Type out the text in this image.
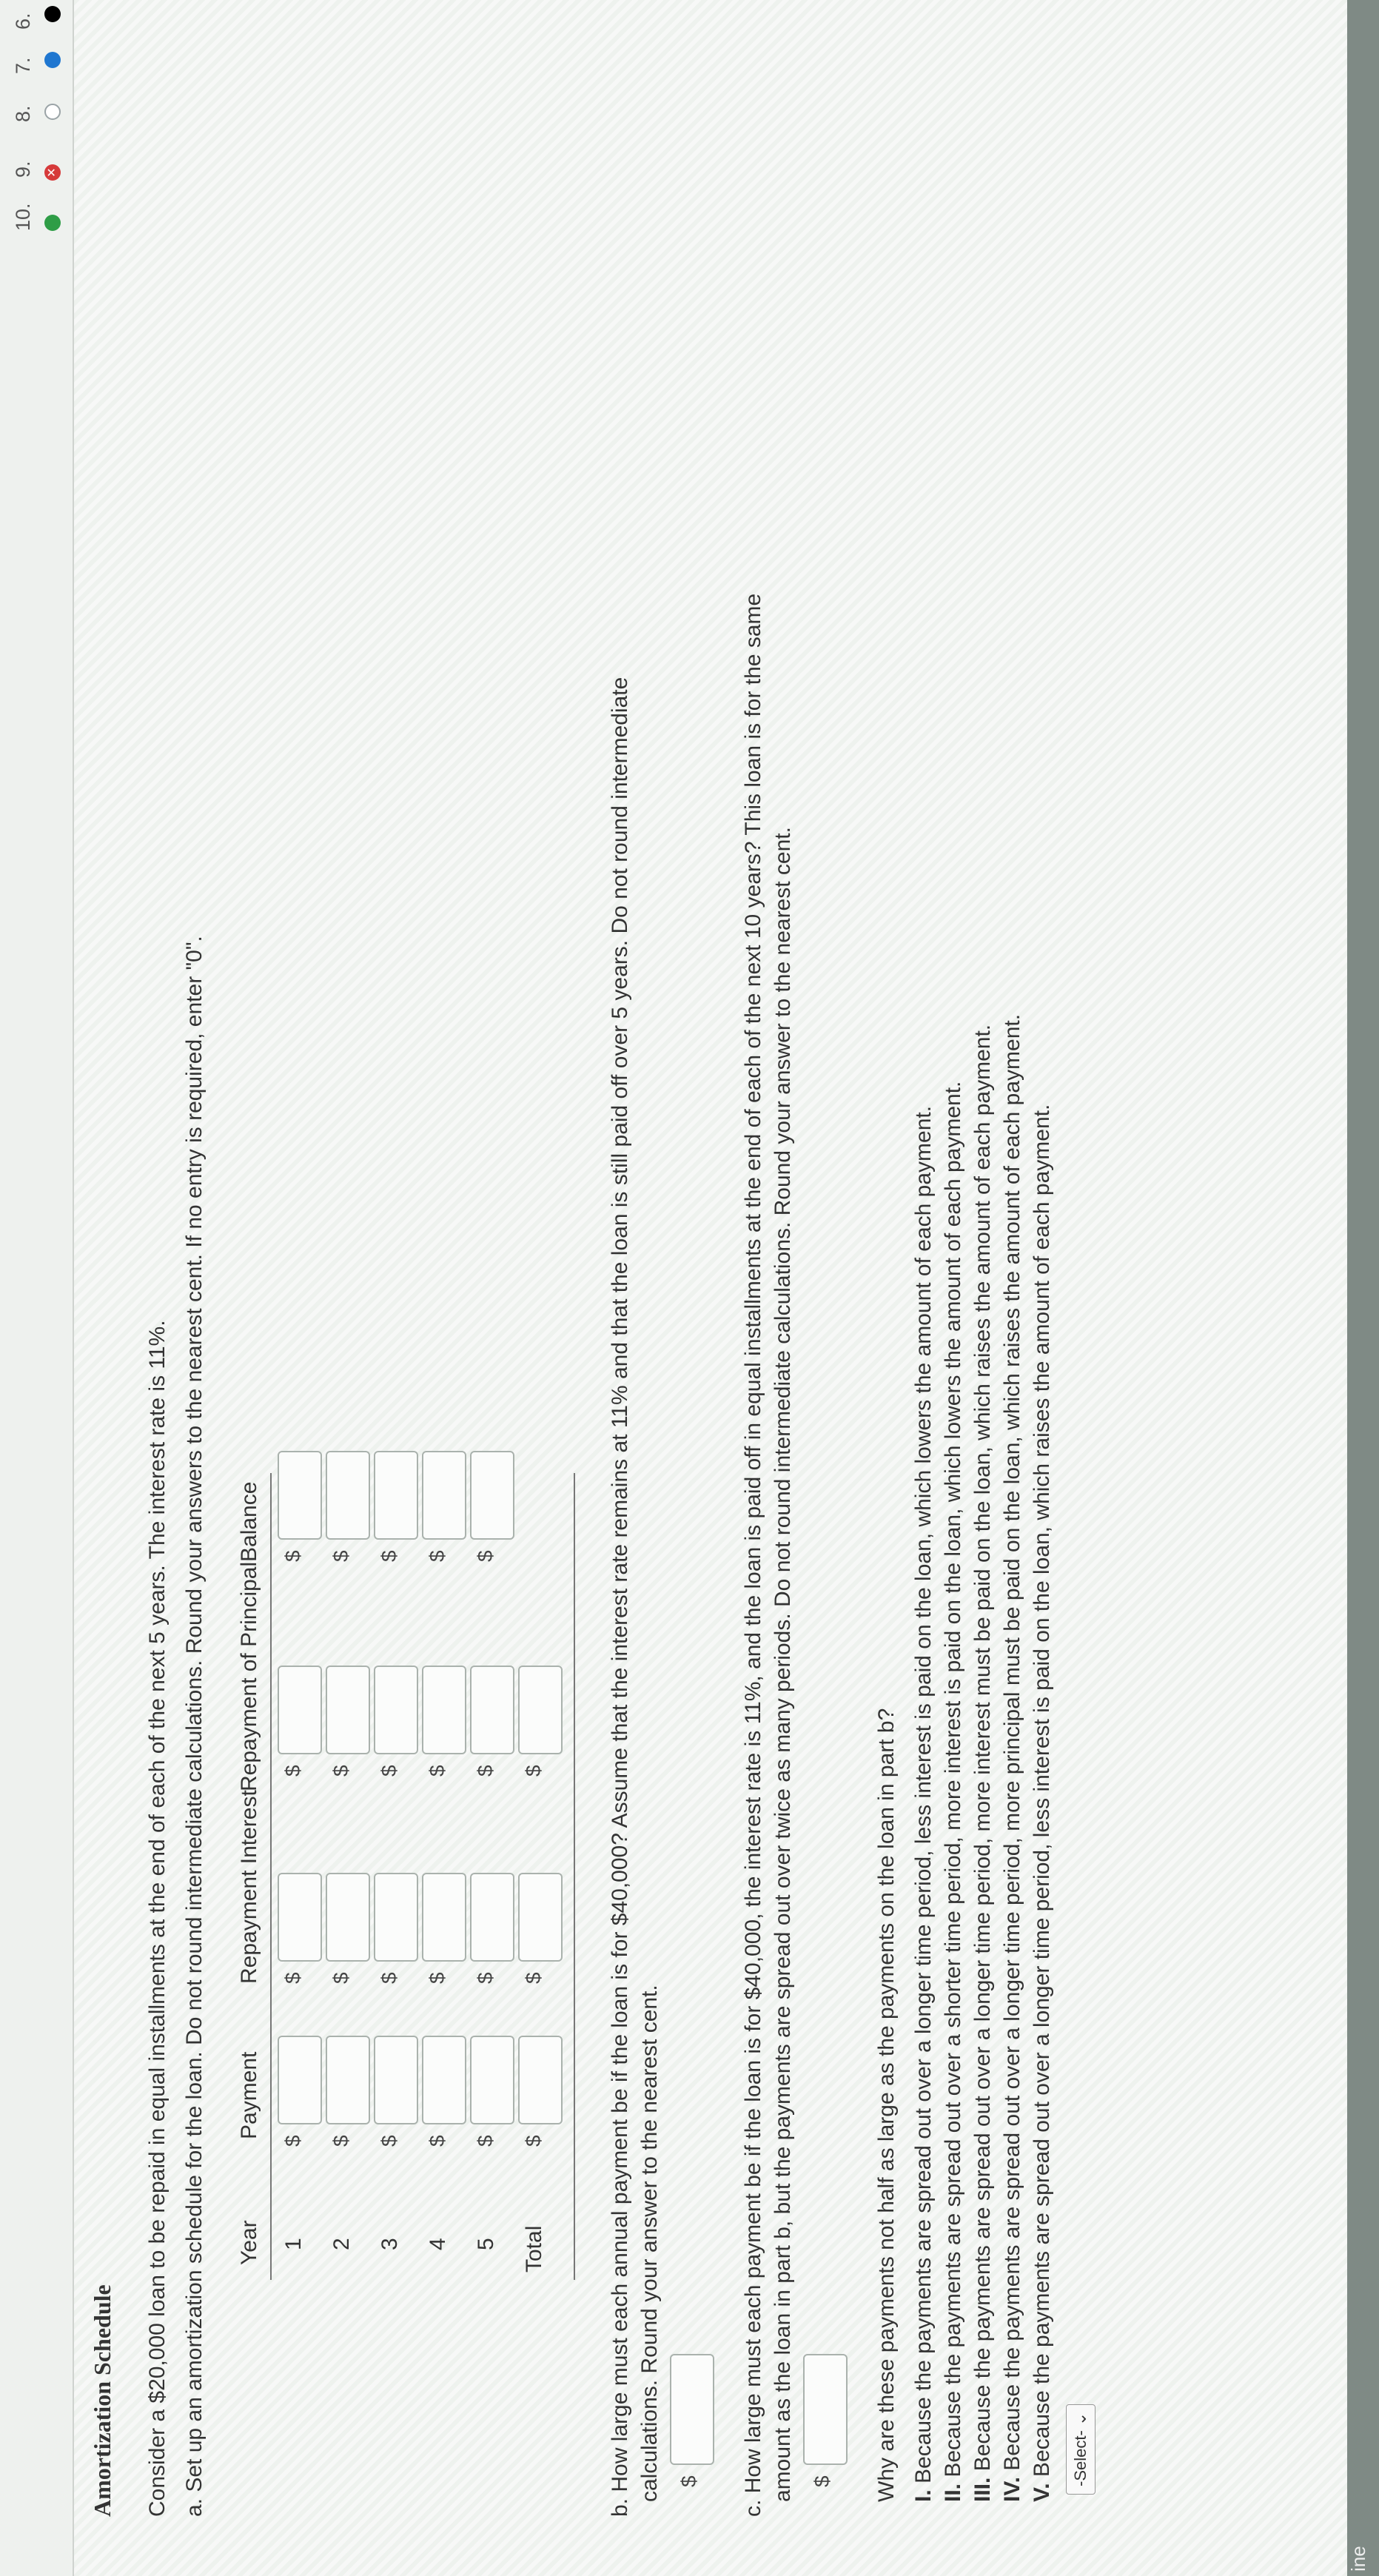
6.
7.
8.
9. ✕
10.
Amortization Schedule Consider a $20,000 loan to be repaid in equal installments at the end of each of the next 5 years. The interest rate is 11%. a. Set up an amortization schedule for the loan. Do not round intermediate calculations. Round your answers to the nearest cent. If no entry is required, enter "0". Year
Payment
Repayment Interest
Repayment of Principal
Balance
1
$
$
$
$
2
$
$
$
$
3
$
$
$
$
4
$
$
$
$
5
$
$
$
$
Total
$
$
$	b. How large must each annual payment be if the loan is for $40,000? Assume that the interest rate remains at 11% and that the loan is still paid off over 5 years. Do not round intermediate calculations. Round your answer to the nearest cent. $ c. How large must each payment be if the loan is for $40,000, the interest rate is 11%, and the loan is paid off in equal installments at the end of each of the next 10 years? This loan is for the same amount as the loan in part b, but the payments are spread out over twice as many periods. Do not round intermediate calculations. Round your answer to the nearest cent. $ Why are these payments not half as large as the payments on the loan in part b? I. Because the payments are spread out over a longer time period, less interest is paid on the loan, which lowers the amount of each payment.
II. Because the payments are spread out over a shorter time period, more interest is paid on the loan, which lowers the amount of each payment.
III. Because the payments are spread out over a longer time period, more interest must be paid on the loan, which raises the amount of each payment.
IV. Because the payments are spread out over a longer time period, more principal must be paid on the loan, which raises the amount of each payment.
V. Because the payments are spread out over a longer time period, less interest is paid on the loan, which raises the amount of each payment.	-Select- ⌄
ine
